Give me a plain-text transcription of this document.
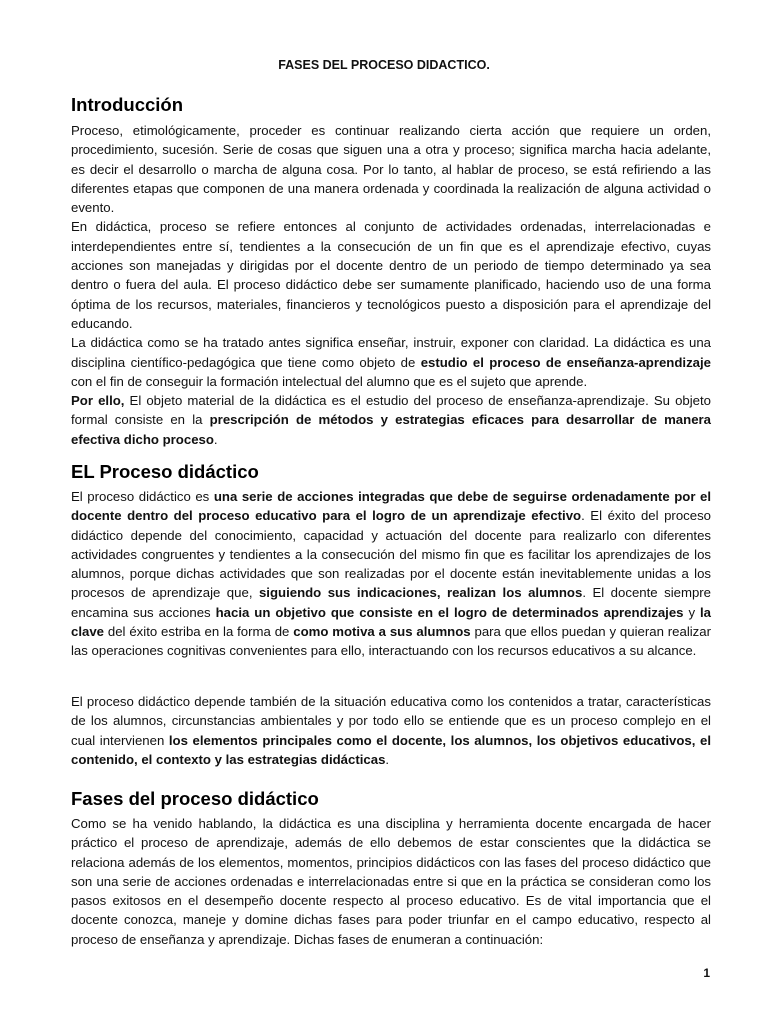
FASES DEL PROCESO DIDACTICO.
Introducción

Proceso, etimológicamente, proceder es continuar realizando cierta acción que requiere un orden, procedimiento, sucesión. Serie de cosas que siguen una a otra y proceso; significa marcha hacia adelante, es decir el desarrollo o marcha de alguna cosa. Por lo tanto, al hablar de proceso, se está refiriendo a las diferentes etapas que componen de una manera ordenada y coordinada la realización de alguna actividad o evento.

En didáctica, proceso se refiere entonces al conjunto de actividades ordenadas, interrelacionadas e interdependientes entre sí, tendientes a la consecución de un fin que es el aprendizaje efectivo, cuyas acciones son manejadas y dirigidas por el docente dentro de un periodo de tiempo determinado ya sea dentro o fuera del aula. El proceso didáctico debe ser sumamente planificado, haciendo uso de una forma óptima de los recursos, materiales, financieros y tecnológicos puesto a disposición para el aprendizaje del educando.

La didáctica como se ha tratado antes significa enseñar, instruir, exponer con claridad. La didáctica es una disciplina científico-pedagógica que tiene como objeto de estudio el proceso de enseñanza-aprendizaje con el fin de conseguir la formación intelectual del alumno que es el sujeto que aprende.

Por ello, El objeto material de la didáctica es el estudio del proceso de enseñanza-aprendizaje. Su objeto formal consiste en la prescripción de métodos y estrategias eficaces para desarrollar de manera efectiva dicho proceso.

EL Proceso didáctico

El proceso didáctico es una serie de acciones integradas que debe de seguirse ordenadamente por el docente dentro del proceso educativo para el logro de un aprendizaje efectivo. El éxito del proceso didáctico depende del conocimiento, capacidad y actuación del docente para realizarlo con diferentes actividades congruentes y tendientes a la consecución del mismo fin que es facilitar los aprendizajes de los alumnos, porque dichas actividades que son realizadas por el docente están inevitablemente unidas a los procesos de aprendizaje que, siguiendo sus indicaciones, realizan los alumnos. El docente siempre encamina sus acciones hacia un objetivo que consiste en el logro de determinados aprendizajes y la clave del éxito estriba en la forma de como motiva a sus alumnos para que ellos puedan y quieran realizar las operaciones cognitivas convenientes para ello, interactuando con los recursos educativos a su alcance.

El proceso didáctico depende también de la situación educativa como los contenidos a tratar, características de los alumnos, circunstancias ambientales y por todo ello se entiende que es un proceso complejo en el cual intervienen los elementos principales como el docente, los alumnos, los objetivos educativos, el contenido, el contexto y las estrategias didácticas.

Fases del proceso didáctico

Como se ha venido hablando, la didáctica es una disciplina y herramienta docente encargada de hacer práctico el proceso de aprendizaje, además de ello debemos de estar conscientes que la didáctica se relaciona además de los elementos, momentos, principios didácticos con las fases del proceso didáctico que son una serie de acciones ordenadas e interrelacionadas entre si que en la práctica se consideran como los pasos exitosos en el desempeño docente respecto al proceso educativo. Es de vital importancia que el docente conozca, maneje y domine dichas fases para poder triunfar en el campo educativo, respecto al proceso de enseñanza y aprendizaje. Dichas fases de enumeran a continuación:

1
